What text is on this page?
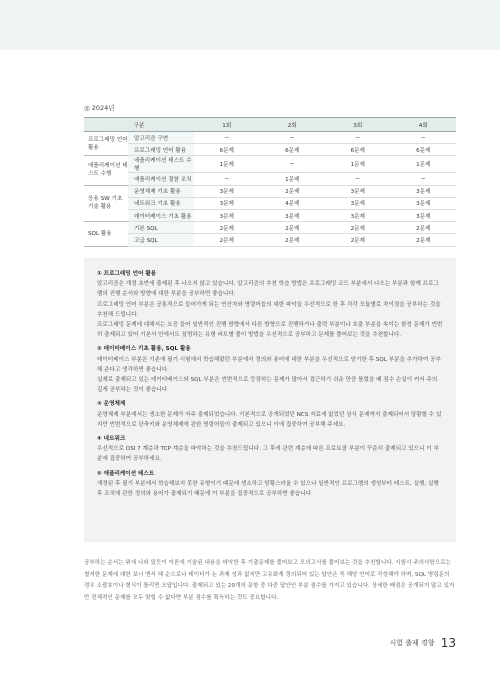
◎ 2024년
구분		1회	2회	3회	4회
프로그래밍 언어 활용	알고리즘 구현	−	−	−	−
	프로그래밍 언어 활용	6문제	6문제	6문제	6문제
애플리케이션 테스트 수행	애플리케이션 테스트 수행	1문제	−	1문제	1문제
	애플리케이션 결함 조치	−	1문제	−	−
응용 SW 기초 기술 활용	운영체제 기초 활용	3문제	2문제	3문제	3문제
	네트워크 기초 활용	3문제	4문제	3문제	3문제
	데이터베이스 기초 활용	3문제	3문제	3문제	3문제
SQL 활용	기본 SQL	2문제	2문제	2문제	2문제
	고급 SQL	2문제	2문제	2문제	2문제
① 프로그래밍 언어 활용

알고리즘은 개정 초반에 출제된 후 나오지 않고 있습니다. 알고리즘의 추천 학습 방법은 프로그래밍 코드 부분에서 나오는 부분과 함께 프로그램의 진행 순서와 방향에 대한 부분을 공부하면 좋습니다.

프로그래밍 언어 부분은 공통적으로 들어가게 되는 연산자와 명령어들의 대한 파악을 우선적으로 한 후 각각 모듈별로 차이점을 공부하는 것을 추천해 드립니다.

프로그래밍 문제에 대해서는 요즘 들어 일반적인 진행 방향에서 다른 방향으로 진행하거나 출력 부분이나 호출 부분을 속이는 함정 문제가 빈번히 출제되고 있어 기본서 안에서도 설명하는 유형 파트별 풀이 방법을 우선적으로 공부하고 문제를 풀어보는 것을 추천합니다.

② 데이터베이스 기초 활용, SQL 활용

데이터베이스 부분은 기존에 필기 시험에서 학습해왔던 부분에서 정의와 용어에 대한 부분을 우선적으로 암기한 후 SQL 부분을 추가하여 공부해 준다고 생각하면 좋습니다.

실제로 출제되고 있는 데이터베이스와 SQL 부분은 빈번적으로 등장하는 문제가 많아서 접근하기 쉬운 만큼 틀렸을 때 점수 손실이 커서 주의 깊게 공부하는 것이 좋습니다.

③ 운영체제

운영체제 부분에서는 생소한 문제가 자주 출제되었습니다. 기본적으로 공개되었던 NCS 자료에 없었던 상식 문제까지 출제되어서 당황할 수 있지만 빈번적으로 단축키와 운영체제에 관한 명령어들이 출제되고 있으니 이에 집중하여 공부해 주세요.

④ 네트워크

우선적으로 OSI 7 계층과 TCP 계층을 파악하는 것을 추천드립니다. 그 후에 관련 계층에 따른 프로토콜 부분이 꾸준히 출제되고 있으니 이 부분에 집중하여 공부하세요.

⑤ 애플리케이션 테스트

개정된 후 필기 부분에서 학습해보지 못한 유형이기 때문에 생소하고 당황스러울 수 있으나 일반적인 프로그램의 생성부터 테스트, 실행, 실행 후 조치에 관한 정의와 용어가 출제되기 때문에 이 부분을 집중적으로 공부하면 좋습니다.

공부하는 순서는 위에 나와 있듯이 이론에 기술된 내용을 파악한 후 기출문제를 풀어보고 모의고사를 풀어보는 것을 추천합니다. 시험시 주의사항으로는 철저한 문제에 대한 보너 앤서 해 순으로나 테이터가 논 과제 성과 없지만 고유화계 정의되어 있는 답안은 꼭 해당 언어로 작성해야 하며, SQL 명령문의 경우 소괄호이나 형식이 틀리면 오답입니다. 출제되고 있는 20개의 문항 중 다중 답안인 부분 점수를 가지고 있습니다. 상세한 배점은 공개되지 않고 있지만 전체적인 문제를 모두 맞힐 수 없다면 부분 점수를 획득하는 것도 중요합니다.
시험 출제 경향 13
